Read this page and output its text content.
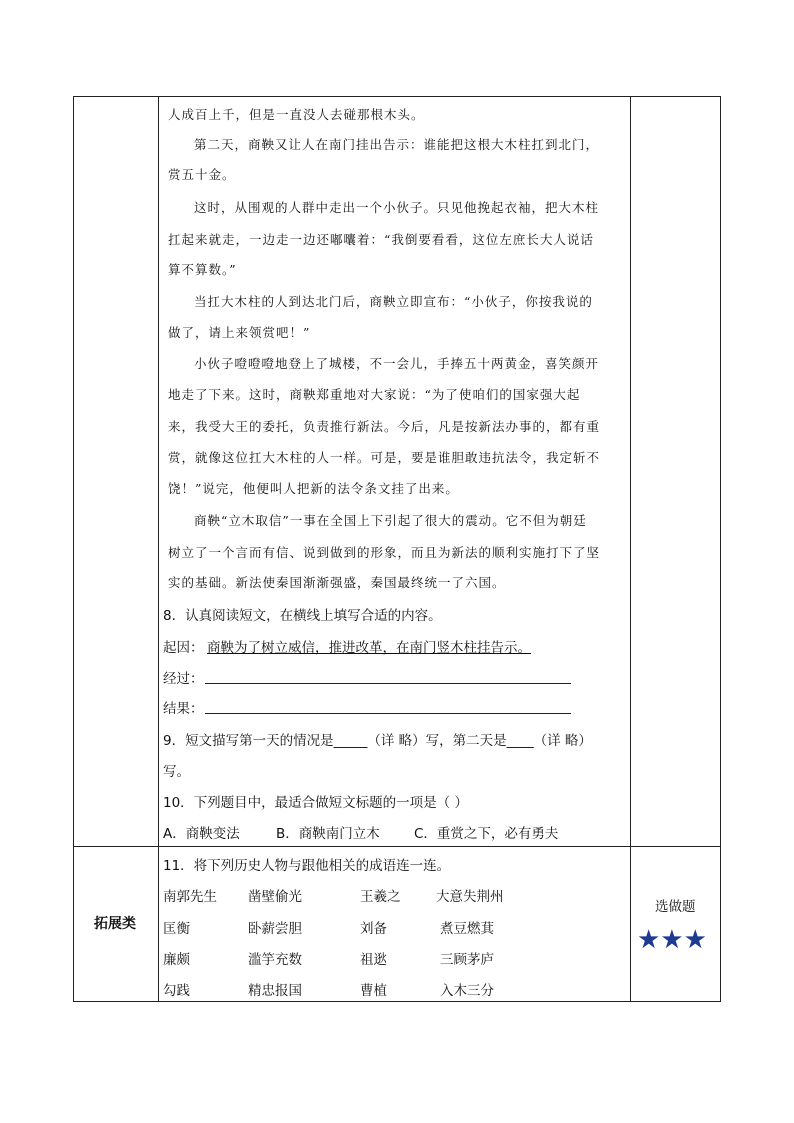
人成百上千，但是一直没人去碰那根木头。
第二天，商鞅又让人在南门挂出告示：谁能把这根大木柱扛到北门，
赏五十金。
这时，从围观的人群中走出一个小伙子。只见他挽起衣袖，把大木柱
扛起来就走，一边走一边还嘟囔着：“我倒要看看，这位左庶长大人说话
算不算数。”
当扛大木柱的人到达北门后，商鞅立即宣布：“小伙子，你按我说的
做了，请上来领赏吧！”
小伙子噔噔噔地登上了城楼，不一会儿，手捧五十两黄金，喜笑颜开
地走了下来。这时，商鞅郑重地对大家说：“为了使咱们的国家强大起
来，我受大王的委托，负责推行新法。今后，凡是按新法办事的，都有重
赏，就像这位扛大木柱的人一样。可是，要是谁胆敢违抗法令，我定斩不
饶！”说完，他便叫人把新的法令条文挂了出来。
商鞅“立木取信”一事在全国上下引起了很大的震动。它不但为朝廷
树立了一个言而有信、说到做到的形象，而且为新法的顺利实施打下了坚
实的基础。新法使秦国渐渐强盛，秦国最终统一了六国。
8．认真阅读短文，在横线上填写合适的内容。
起因： 商鞅为了树立威信，推进改革，在南门竖木柱挂告示。
经过：
结果：
9．短文描写第一天的情况是_____（详 略）写，第二天是____（详 略）
写。
10．下列题目中，最适合做短文标题的一项是（ ）
A．商鞅变法	B．商鞅南门立木	C．重赏之下，必有勇夫
拓展类
11．将下列历史人物与跟他相关的成语连一连。
南郭先生 凿壁偷光	王羲之	大意失荆州
匡衡	卧薪尝胆	刘备	煮豆燃萁
廉颇	滥竽充数	祖逖	三顾茅庐
勾践	精忠报国	曹植	入木三分
选做题
★★★
